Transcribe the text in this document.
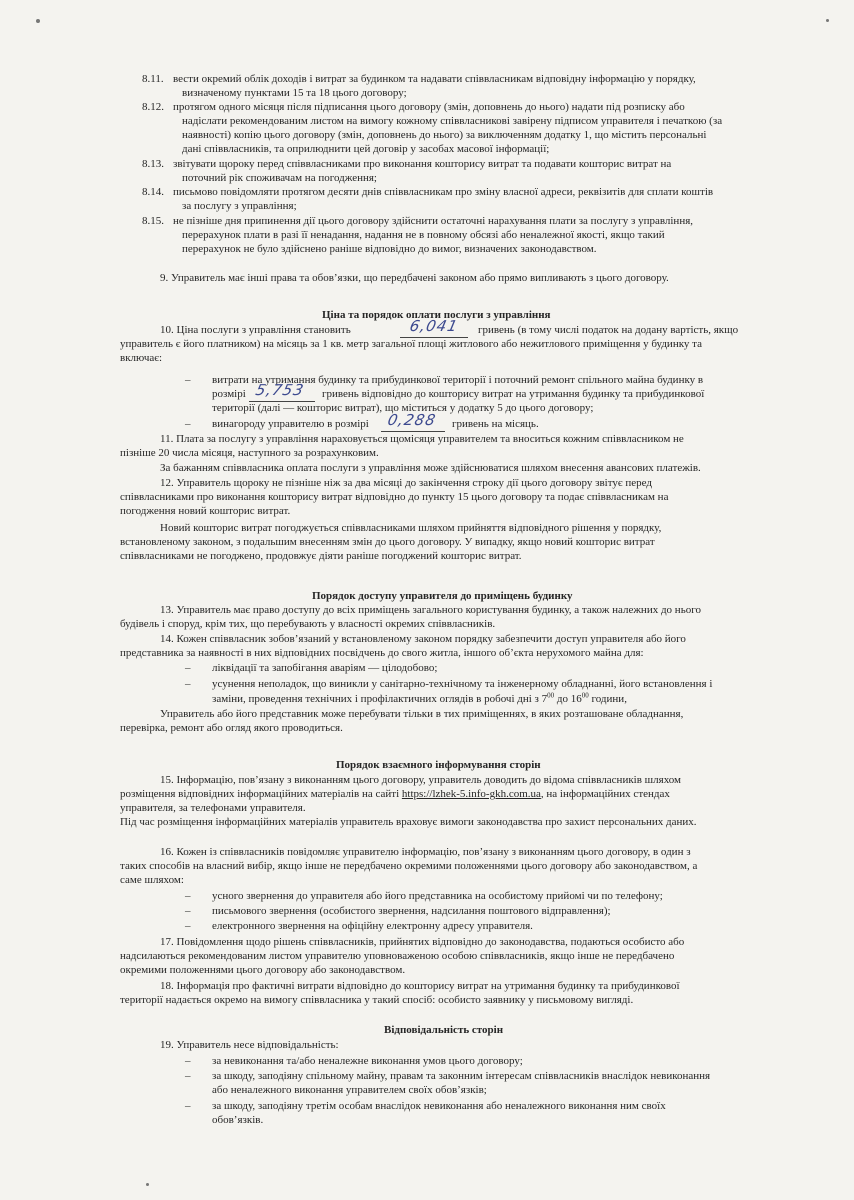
8.11. вести окремий облік доходів і витрат за будинком та надавати співвласникам відповідну інформацію у порядку,
визначеному пунктами 15 та 18 цього договору;
8.12. протягом одного місяця після підписання цього договору (змін, доповнень до нього) надати під розписку або
надіслати рекомендованим листом на вимогу кожному співвласникові завірену підписом управителя і печаткою (за
наявності) копію цього договору (змін, доповнень до нього) за виключенням додатку 1, що містить персональні
дані співвласників, та оприлюднити цей договір у засобах масової інформації;
8.13. звітувати щороку перед співвласниками про виконання кошторису витрат та подавати кошторис витрат на
поточний рік споживачам на погодження;
8.14. письмово повідомляти протягом десяти днів співвласникам про зміну власної адреси, реквізитів для сплати коштів
за послугу з управління;
8.15. не пізніше дня припинення дії цього договору здійснити остаточні нарахування плати за послугу з управління,
перерахунок плати в разі її ненадання, надання не в повному обсязі або неналежної якості, якщо такий
перерахунок не було здійснено раніше відповідно до вимог, визначених законодавством.
9. Управитель має інші права та обов’язки, що передбачені законом або прямо випливають з цього договору.
Ціна та порядок оплати послуги з управління
10. Ціна послуги з управління становить	6,041 гривень (в тому числі податок на додану вартість, якщо
управитель є його платником) на місяць за 1 кв. метр загальної площі житлового або нежитлового приміщення у будинку та
включає:
– витрати на утримання будинку та прибудинкової території і поточний ремонт спільного майна будинку в
розмірі 5,753 гривень відповідно до кошторису витрат на утримання будинку та прибудинкової
території (далі — кошторис витрат), що міститься у додатку 5 до цього договору;
– винагороду управителю в розмірі 0,288 гривень на місяць.
11. Плата за послугу з управління нараховується щомісяця управителем та вноситься кожним співвласником не
пізніше 20 числа місяця, наступного за розрахунковим.
За бажанням співвласника оплата послуги з управління може здійснюватися шляхом внесення авансових платежів.
12. Управитель щороку не пізніше ніж за два місяці до закінчення строку дії цього договору звітує перед
співвласниками про виконання кошторису витрат відповідно до пункту 15 цього договору та подає співвласникам на
погодження новий кошторис витрат.
Новий кошторис витрат погоджується співвласниками шляхом прийняття відповідного рішення у порядку,
встановленому законом, з подальшим внесенням змін до цього договору. У випадку, якщо новий кошторис витрат
співвласниками не погоджено, продовжує діяти раніше погоджений кошторис витрат.
Порядок доступу управителя до приміщень будинку
13. Управитель має право доступу до всіх приміщень загального користування будинку, а також належних до нього
будівель і споруд, крім тих, що перебувають у власності окремих співвласників.
14. Кожен співвласник зобов’язаний у встановленому законом порядку забезпечити доступ управителя або його
представника за наявності в них відповідних посвідчень до свого житла, іншого об’єкта нерухомого майна для:
– ліквідації та запобігання аваріям — цілодобово;
– усунення неполадок, що виникли у санітарно-технічному та інженерному обладнанні, його встановлення і
заміни, проведення технічних і профілактичних оглядів в робочі дні з $7^{00}$ до $16^{00}$ години,
Управитель або його представник може перебувати тільки в тих приміщеннях, в яких розташоване обладнання,
перевірка, ремонт або огляд якого проводиться.
Порядок взаємного інформування сторін
15. Інформацію, пов’язану з виконанням цього договору, управитель доводить до відома співвласників шляхом
розміщення відповідних інформаційних матеріалів на сайті https://lzhek-5.info-gkh.com.ua, на інформаційних стендах
управителя, за телефонами управителя.
Під час розміщення інформаційних матеріалів управитель враховує вимоги законодавства про захист персональних даних.
16. Кожен із співвласників повідомляє управителю інформацію, пов’язану з виконанням цього договору, в один з
таких способів на власний вибір, якщо інше не передбачено окремими положеннями цього договору або законодавством, а
саме шляхом:
– усного звернення до управителя або його представника на особистому прийомі чи по телефону;
– письмового звернення (особистого звернення, надсилання поштового відправлення);
– електронного звернення на офіційну електронну адресу управителя.
17. Повідомлення щодо рішень співвласників, прийнятих відповідно до законодавства, подаються особисто або
надсилаються рекомендованим листом управителю уповноваженою особою співвласників, якщо інше не передбачено
окремими положеннями цього договору або законодавством.
18. Інформація про фактичні витрати відповідно до кошторису витрат на утримання будинку та прибудинкової
території надається окремо на вимогу співвласника у такий спосіб: особисто заявнику у письмовому вигляді.
Відповідальність сторін
19. Управитель несе відповідальність:
– за невиконання та/або неналежне виконання умов цього договору;
– за шкоду, заподіяну спільному майну, правам та законним інтересам співвласників внаслідок невиконання
або неналежного виконання управителем своїх обов’язків;
– за шкоду, заподіяну третім особам внаслідок невиконання або неналежного виконання ним своїх
обов’язків.
